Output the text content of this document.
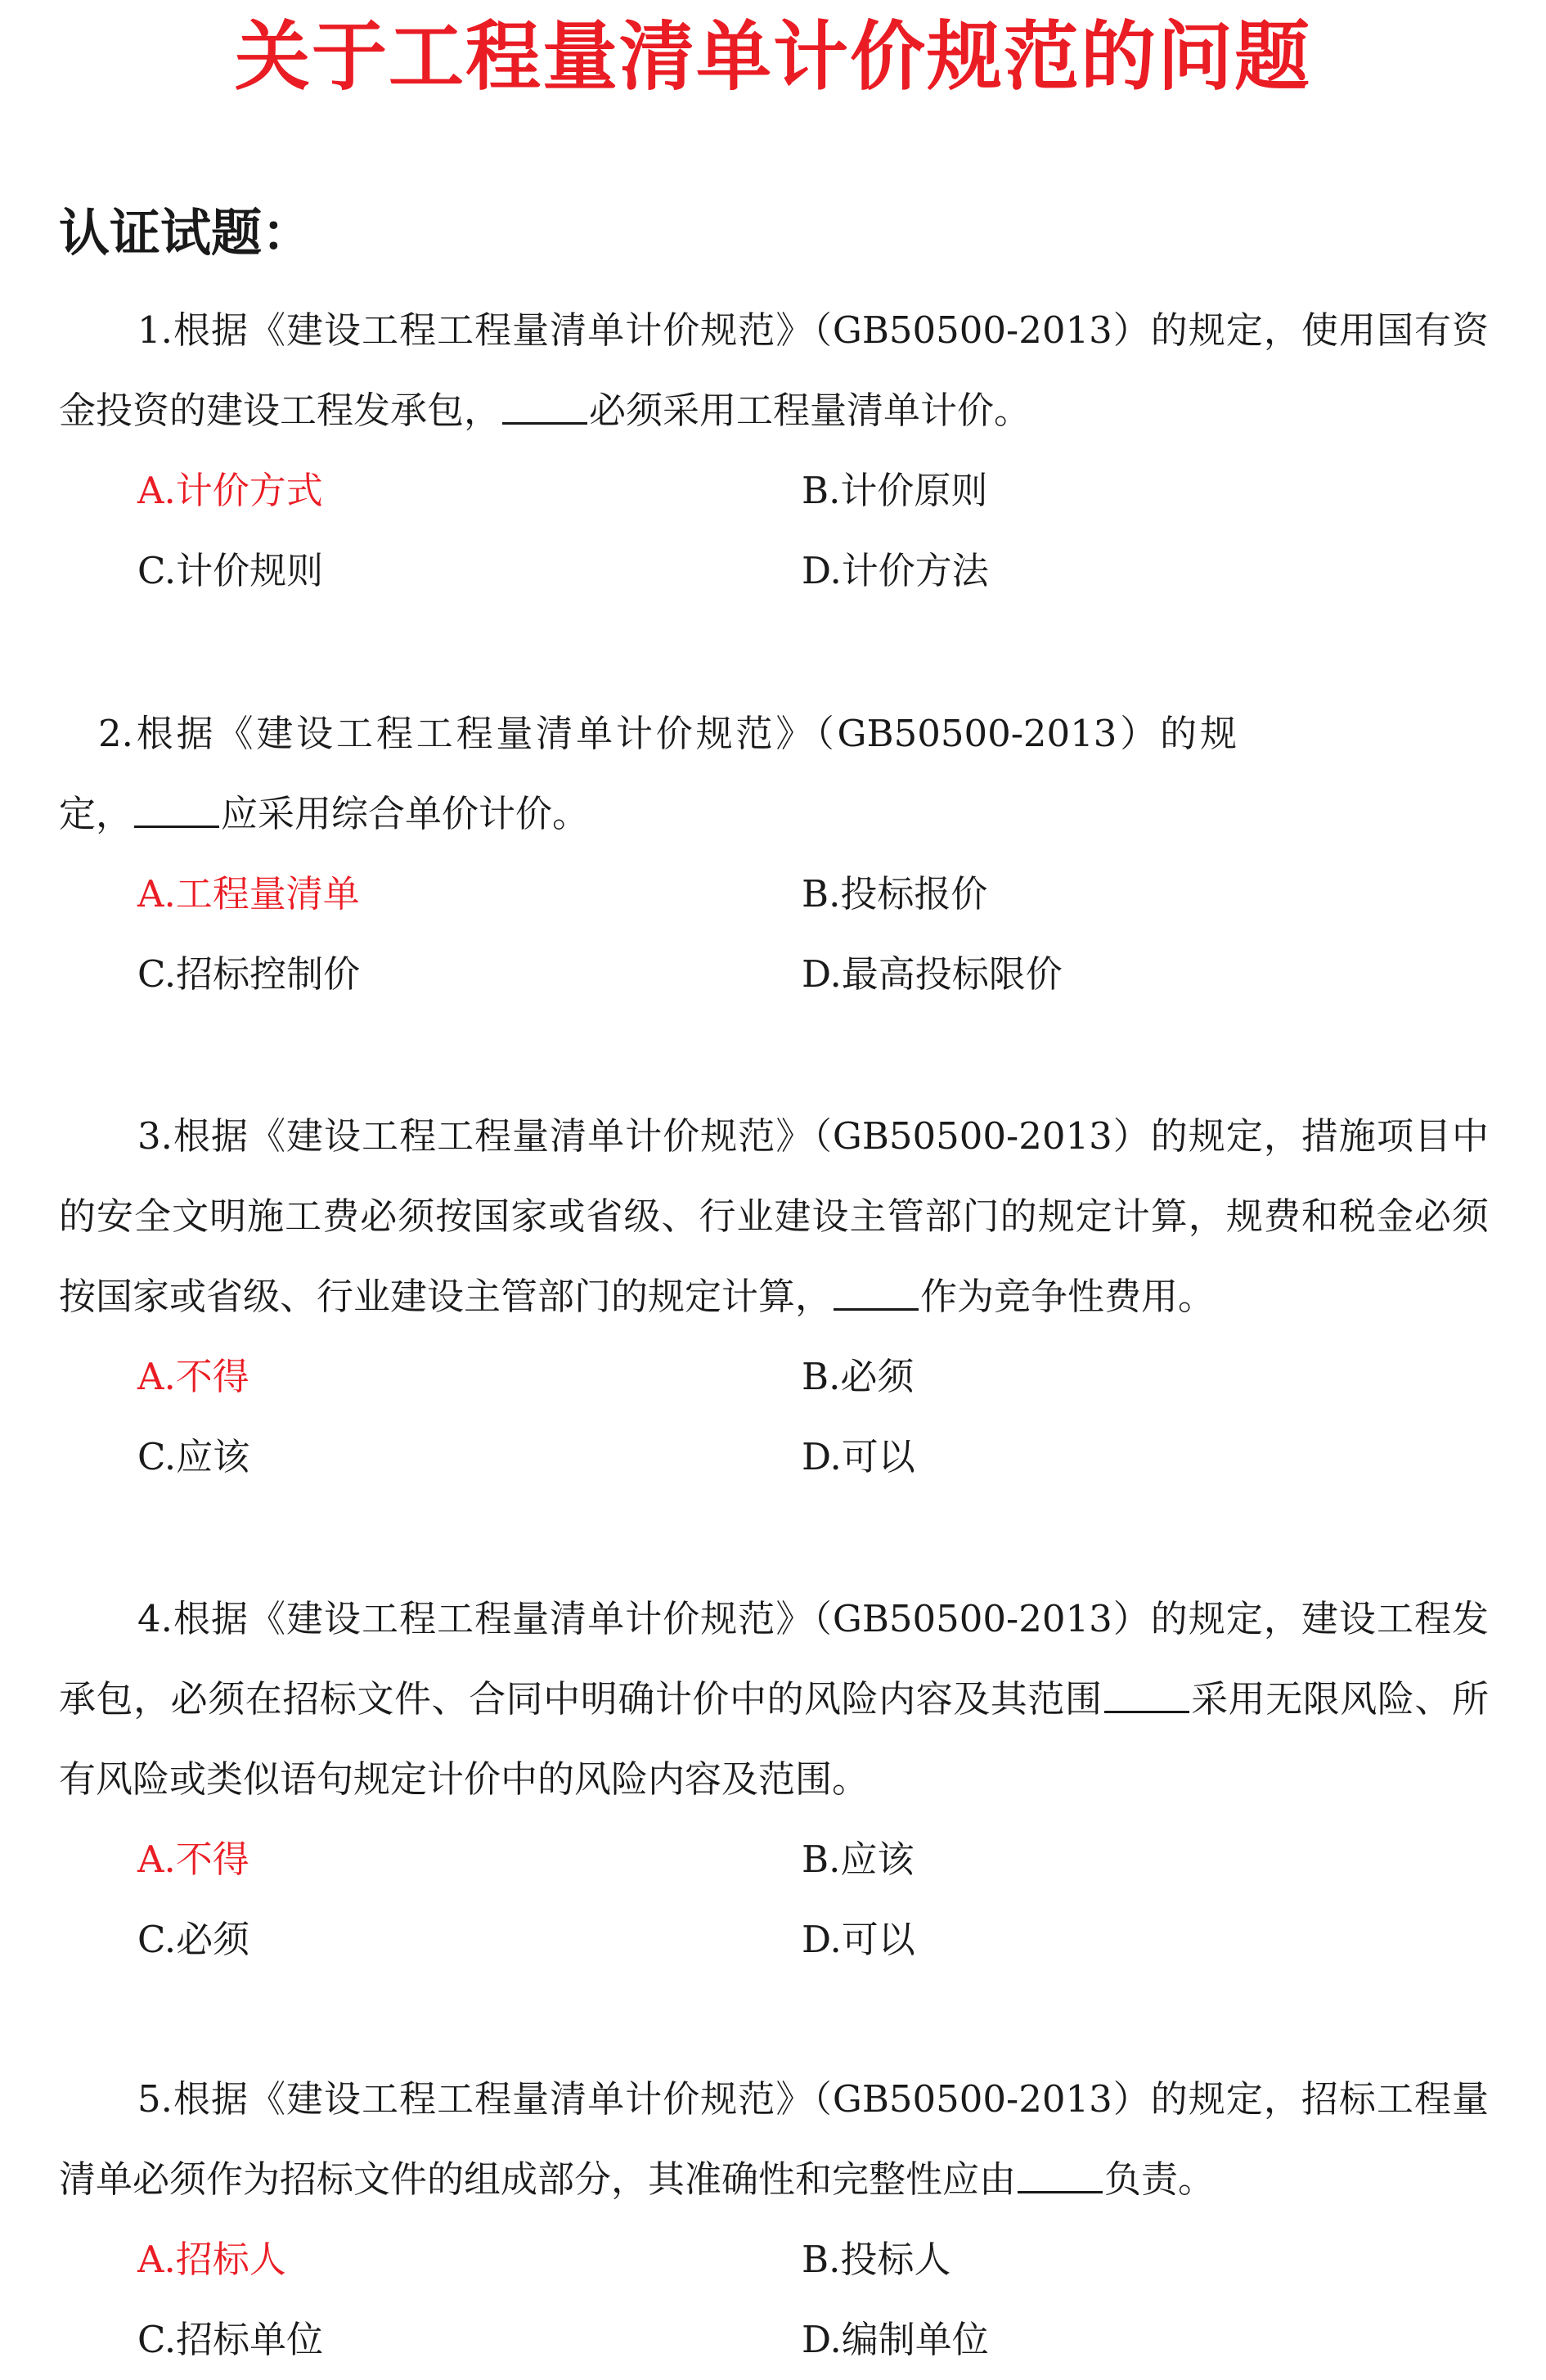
关于工程量清单计价规范的问题
认证试题：

1.根据《建设工程工程量清单计价规范》（GB50500-2013）的规定，使用国有资金投资的建设工程发承包， 必须采用工程量清单计价。

A.计价方式	B.计价原则
C.计价规则	D.计价方法

2.根据《建设工程工程量清单计价规范》（GB50500-2013）的规定， 应采用综合单价计价。

A.工程量清单	B.投标报价
C.招标控制价	D.最高投标限价

3.根据《建设工程工程量清单计价规范》（GB50500-2013）的规定，措施项目中的安全文明施工费必须按国家或省级、行业建设主管部门的规定计算，规费和税金必须按国家或省级、行业建设主管部门的规定计算， 作为竞争性费用。

A.不得	B.必须
C.应该	D.可以

4.根据《建设工程工程量清单计价规范》（GB50500-2013）的规定，建设工程发承包，必须在招标文件、合同中明确计价中的风险内容及其范围 采用无限风险、所有风险或类似语句规定计价中的风险内容及范围。

A.不得	B.应该
C.必须	D.可以

5.根据《建设工程工程量清单计价规范》（GB50500-2013）的规定，招标工程量清单必须作为招标文件的组成部分，其准确性和完整性应由 负责。

A.招标人	B.投标人
C.招标单位	D.编制单位
